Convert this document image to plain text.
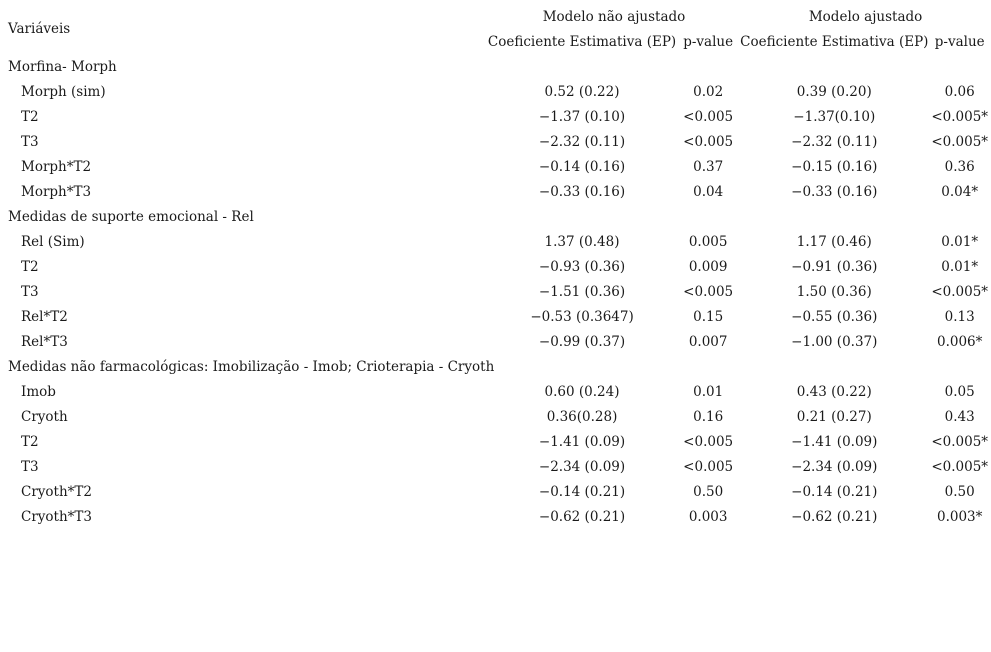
Variáveis	Modelo não ajustado		Modelo ajustado	
	Coeficiente Estimativa (EP)	p-value	Coeficiente Estimativa (EP)	p-value
Morfina- Morph				
Morph (sim)	0.52 (0.22)	0.02	0.39 (0.20)	0.06
T2	−1.37 (0.10)	<0.005	−1.37(0.10)	<0.005*
T3	−2.32 (0.11)	<0.005	−2.32 (0.11)	<0.005*
Morph*T2	−0.14 (0.16)	0.37	−0.15 (0.16)	0.36
Morph*T3	−0.33 (0.16)	0.04	−0.33 (0.16)	0.04*
Medidas de suporte emocional - Rel				
Rel (Sim)	1.37 (0.48)	0.005	1.17 (0.46)	0.01*
T2	−0.93 (0.36)	0.009	−0.91 (0.36)	0.01*
T3	−1.51 (0.36)	<0.005	1.50 (0.36)	<0.005*
Rel*T2	−0.53 (0.3647)	0.15	−0.55 (0.36)	0.13
Rel*T3	−0.99 (0.37)	0.007	−1.00 (0.37)	0.006*
Medidas não farmacológicas: Imobilização - Imob; Crioterapia - Cryoth				
Imob	0.60 (0.24)	0.01	0.43 (0.22)	0.05
Cryoth	0.36(0.28)	0.16	0.21 (0.27)	0.43
T2	−1.41 (0.09)	<0.005	−1.41 (0.09)	<0.005*
T3	−2.34 (0.09)	<0.005	−2.34 (0.09)	<0.005*
Cryoth*T2	−0.14 (0.21)	0.50	−0.14 (0.21)	0.50
Cryoth*T3	−0.62 (0.21)	0.003	−0.62 (0.21)	0.003*
